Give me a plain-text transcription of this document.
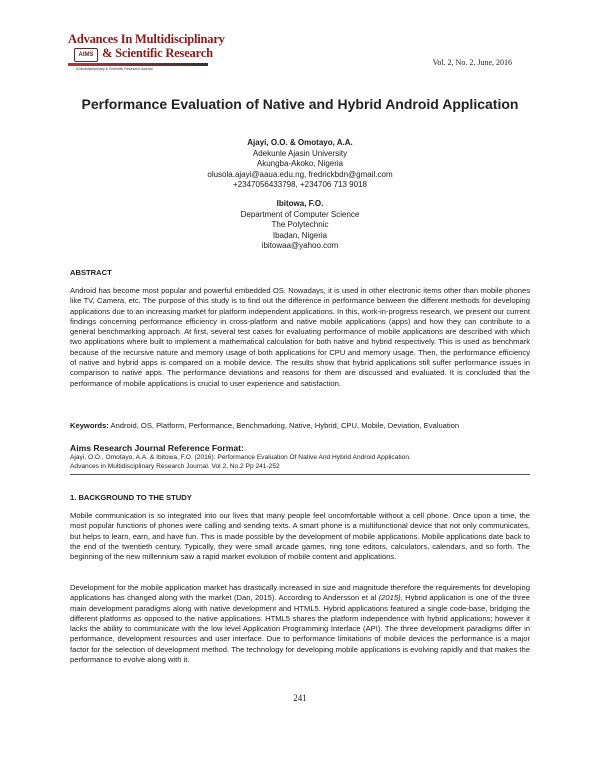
Advances In Multidisciplinary
AIMS & Scientific Research
A Multidisciplinary & Scientific Research Journal
Vol. 2, No. 2. June, 2016
Performance Evaluation of Native and Hybrid Android Application
Ajayi, O.O. & Omotayo, A.A.
Adekunle Ajasin University
Akungba-Akoko, Nigeria
olusola.ajayi@aaua.edu.ng, fredrickbdn@gmail.com
+2347056433798, +234706 713 9018
Ibitowa, F.O.
Department of Computer Science
The Polytechnic
Ibadan, Nigeria
ibitowaa@yahoo.com
ABSTRACT
Android has become most popular and powerful embedded OS. Nowadays, it is used in other electronic items other than mobile phones like TV, Camera, etc. The purpose of this study is to find out the difference in performance between the different methods for developing applications due to an increasing market for platform independent applications. In this, work-in-progress research, we present our current findings concerning performance efficiency in cross-platform and native mobile applications (apps) and how they can contribute to a general benchmarking approach. At first, several test cases for evaluating performance of mobile applications are described with which two applications where built to implement a mathematical calculation for both native and hybrid respectively. This is used as benchmark because of the recursive nature and memory usage of both applications for CPU and memory usage. Then, the performance efficiency of native and hybrid apps is compared on a mobile device. The results show that hybrid applications still suffer performance issues in comparison to native apps. The performance deviations and reasons for them are discussed and evaluated. It is concluded that the performance of mobile applications is crucial to user experience and satisfaction.
Keywords: Android, OS, Platform, Performance, Benchmarking, Native, Hybrid, CPU, Mobile, Deviation, Evaluation
Aims Research Journal Reference Format:
Ajayi, O.O., Omotayo, A.A. & Ibitowa, F.O. (2016): Performance Evaluation Of Native And Hybrid Android Application.
Advances in Multidisciplinary Research Journal. Vol 2, No.2 Pp 241-252
1. BACKGROUND TO THE STUDY
Mobile communication is so integrated into our lives that many people feel uncomfortable without a cell phone. Once upon a time, the most popular functions of phones were calling and sending texts. A smart phone is a multifunctional device that not only communicates, but helps to learn, earn, and have fun. This is made possible by the development of mobile applications. Mobile applications date back to the end of the twentieth century. Typically, they were small arcade games, ring tone editors, calculators, calendars, and so forth. The beginning of the new millennium saw a rapid market evolution of mobile content and applications.
Development for the mobile application market has drastically increased in size and magnitude therefore the requirements for developing applications has changed along with the market (Dan, 2015). According to Andersson et al (2015), Hybrid application is one of the three main development paradigms along with native development and HTML5. Hybrid applications featured a single code-base, bridging the different platforms as opposed to the native applications. HTML5 shares the platform independence with hybrid applications; however it lacks the ability to communicate with the low level Application Programming Interface (API). The three development paradigms differ in performance, development resources and user interface. Due to performance limitations of mobile devices the performance is a major factor for the selection of development method. The technology for developing mobile applications is evolving rapidly and that makes the performance to evolve along with it.
241
